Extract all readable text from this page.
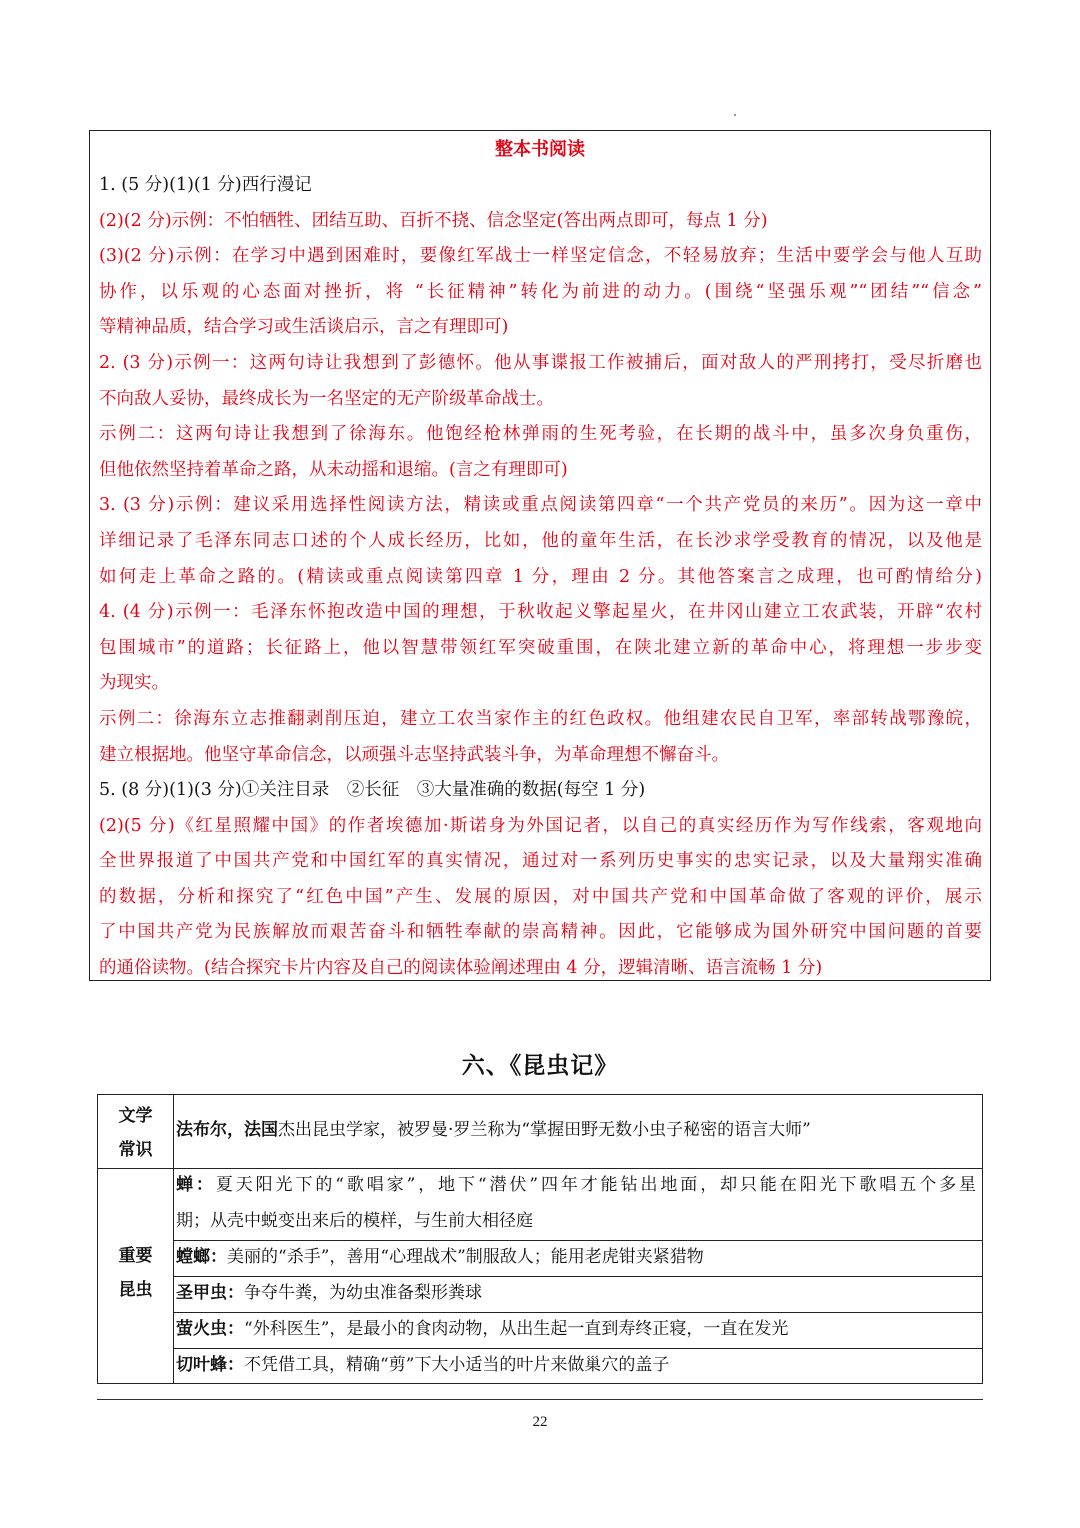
整本书阅读
1. (5 分)(1)(1 分)西行漫记
(2)(2 分)示例：不怕牺牲、团结互助、百折不挠、信念坚定(答出两点即可，每点 1 分)
(3)(2 分)示例：在学习中遇到困难时，要像红军战士一样坚定信念，不轻易放弃；生活中要学会与他人互助
协作，以乐观的心态面对挫折，将 “长征精神”转化为前进的动力。(围绕“坚强乐观”“团结”“信念”
等精神品质，结合学习或生活谈启示，言之有理即可)
2. (3 分)示例一：这两句诗让我想到了彭德怀。他从事谍报工作被捕后，面对敌人的严刑拷打，受尽折磨也
不向敌人妥协，最终成长为一名坚定的无产阶级革命战士。
示例二：这两句诗让我想到了徐海东。他饱经枪林弹雨的生死考验，在长期的战斗中，虽多次身负重伤，
但他依然坚持着革命之路，从未动摇和退缩。(言之有理即可)
3. (3 分)示例：建议采用选择性阅读方法，精读或重点阅读第四章“一个共产党员的来历”。因为这一章中
详细记录了毛泽东同志口述的个人成长经历，比如，他的童年生活，在长沙求学受教育的情况，以及他是
如何走上革命之路的。(精读或重点阅读第四章 1 分，理由 2 分。其他答案言之成理，也可酌情给分)
4. (4 分)示例一：毛泽东怀抱改造中国的理想，于秋收起义擎起星火，在井冈山建立工农武装，开辟“农村
包围城市”的道路；长征路上，他以智慧带领红军突破重围，在陕北建立新的革命中心，将理想一步步变
为现实。
示例二：徐海东立志推翻剥削压迫，建立工农当家作主的红色政权。他组建农民自卫军，率部转战鄂豫皖，
建立根据地。他坚守革命信念，以顽强斗志坚持武装斗争，为革命理想不懈奋斗。
5. (8 分)(1)(3 分)①关注目录　②长征　③大量准确的数据(每空 1 分)
(2)(5 分)《红星照耀中国》的作者埃德加·斯诺身为外国记者，以自己的真实经历作为写作线索，客观地向
全世界报道了中国共产党和中国红军的真实情况，通过对一系列历史事实的忠实记录，以及大量翔实准确
的数据，分析和探究了“红色中国”产生、发展的原因，对中国共产党和中国革命做了客观的评价，展示
了中国共产党为民族解放而艰苦奋斗和牺牲奉献的崇高精神。因此，它能够成为国外研究中国问题的首要
的通俗读物。(结合探究卡片内容及自己的阅读体验阐述理由 4 分，逻辑清晰、语言流畅 1 分)
六、《昆虫记》
文学
常识
法布尔，法国杰出昆虫学家，被罗曼·罗兰称为“掌握田野无数小虫子秘密的语言大师”
重要
昆虫
蝉：夏天阳光下的“歌唱家”，地下“潜伏”四年才能钻出地面，却只能在阳光下歌唱五个多星
期；从壳中蜕变出来后的模样，与生前大相径庭
螳螂：美丽的“杀手”，善用“心理战术”制服敌人；能用老虎钳夹紧猎物
圣甲虫：争夺牛粪，为幼虫准备梨形粪球
萤火虫：“外科医生”，是最小的食肉动物，从出生起一直到寿终正寝，一直在发光
切叶蜂：不凭借工具，精确“剪”下大小适当的叶片来做巢穴的盖子
22
